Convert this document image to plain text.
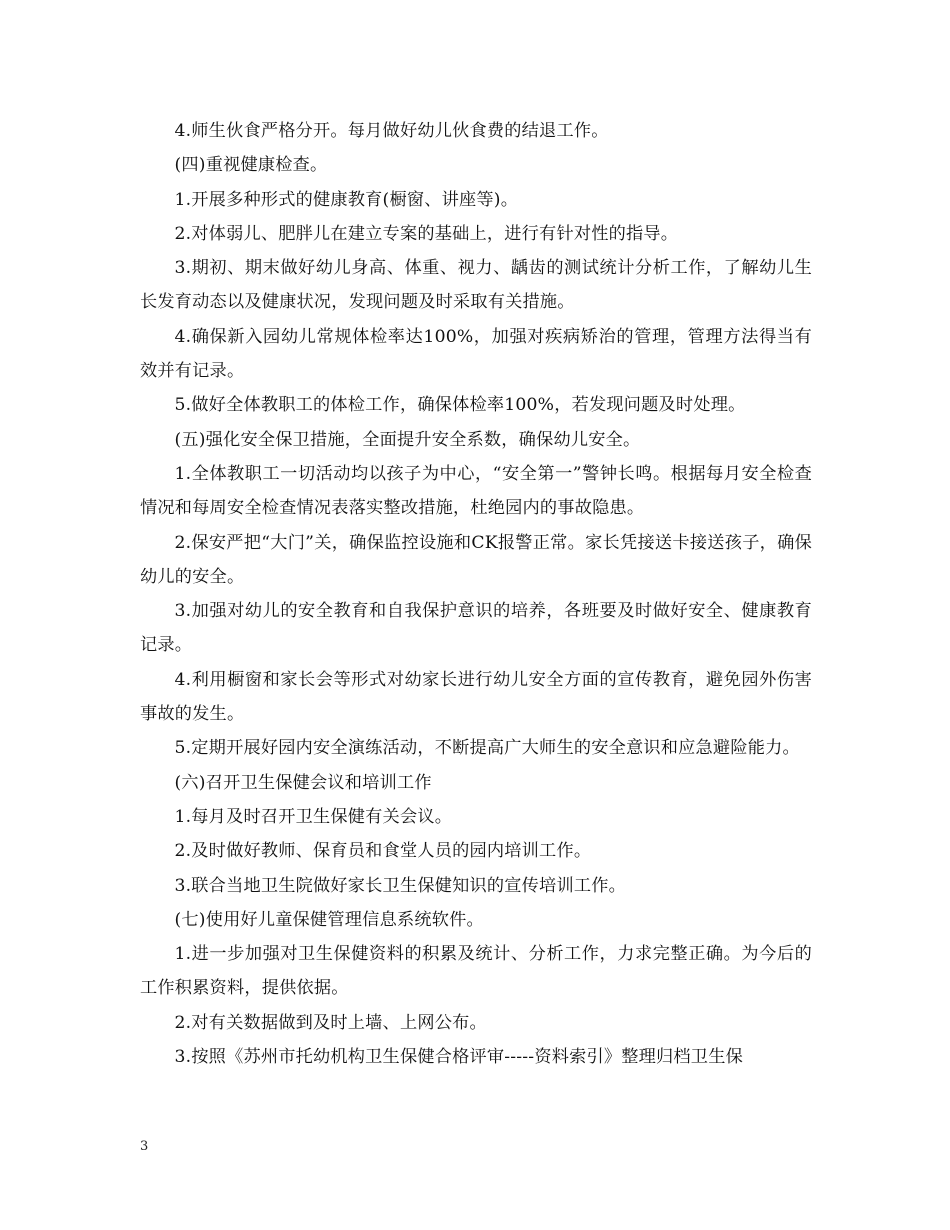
4.师生伙食严格分开。每月做好幼儿伙食费的结退工作。

(四)重视健康检查。

1.开展多种形式的健康教育(橱窗、讲座等)。

2.对体弱儿、肥胖儿在建立专案的基础上，进行有针对性的指导。

3.期初、期末做好幼儿身高、体重、视力、龋齿的测试统计分析工作，了解幼儿生长发育动态以及健康状况，发现问题及时采取有关措施。

4.确保新入园幼儿常规体检率达100%，加强对疾病矫治的管理，管理方法得当有效并有记录。

5.做好全体教职工的体检工作，确保体检率100%，若发现问题及时处理。

(五)强化安全保卫措施，全面提升安全系数，确保幼儿安全。

1.全体教职工一切活动均以孩子为中心，“安全第一”警钟长鸣。根据每月安全检查情况和每周安全检查情况表落实整改措施，杜绝园内的事故隐患。

2.保安严把“大门”关，确保监控设施和CK报警正常。家长凭接送卡接送孩子，确保幼儿的安全。

3.加强对幼儿的安全教育和自我保护意识的培养，各班要及时做好安全、健康教育记录。

4.利用橱窗和家长会等形式对幼家长进行幼儿安全方面的宣传教育，避免园外伤害事故的发生。

5.定期开展好园内安全演练活动，不断提高广大师生的安全意识和应急避险能力。

(六)召开卫生保健会议和培训工作

1.每月及时召开卫生保健有关会议。

2.及时做好教师、保育员和食堂人员的园内培训工作。

3.联合当地卫生院做好家长卫生保健知识的宣传培训工作。

(七)使用好儿童保健管理信息系统软件。

1.进一步加强对卫生保健资料的积累及统计、分析工作，力求完整正确。为今后的工作积累资料，提供依据。

2.对有关数据做到及时上墙、上网公布。

3.按照《苏州市托幼机构卫生保健合格评审-----资料索引》整理归档卫生保

3
